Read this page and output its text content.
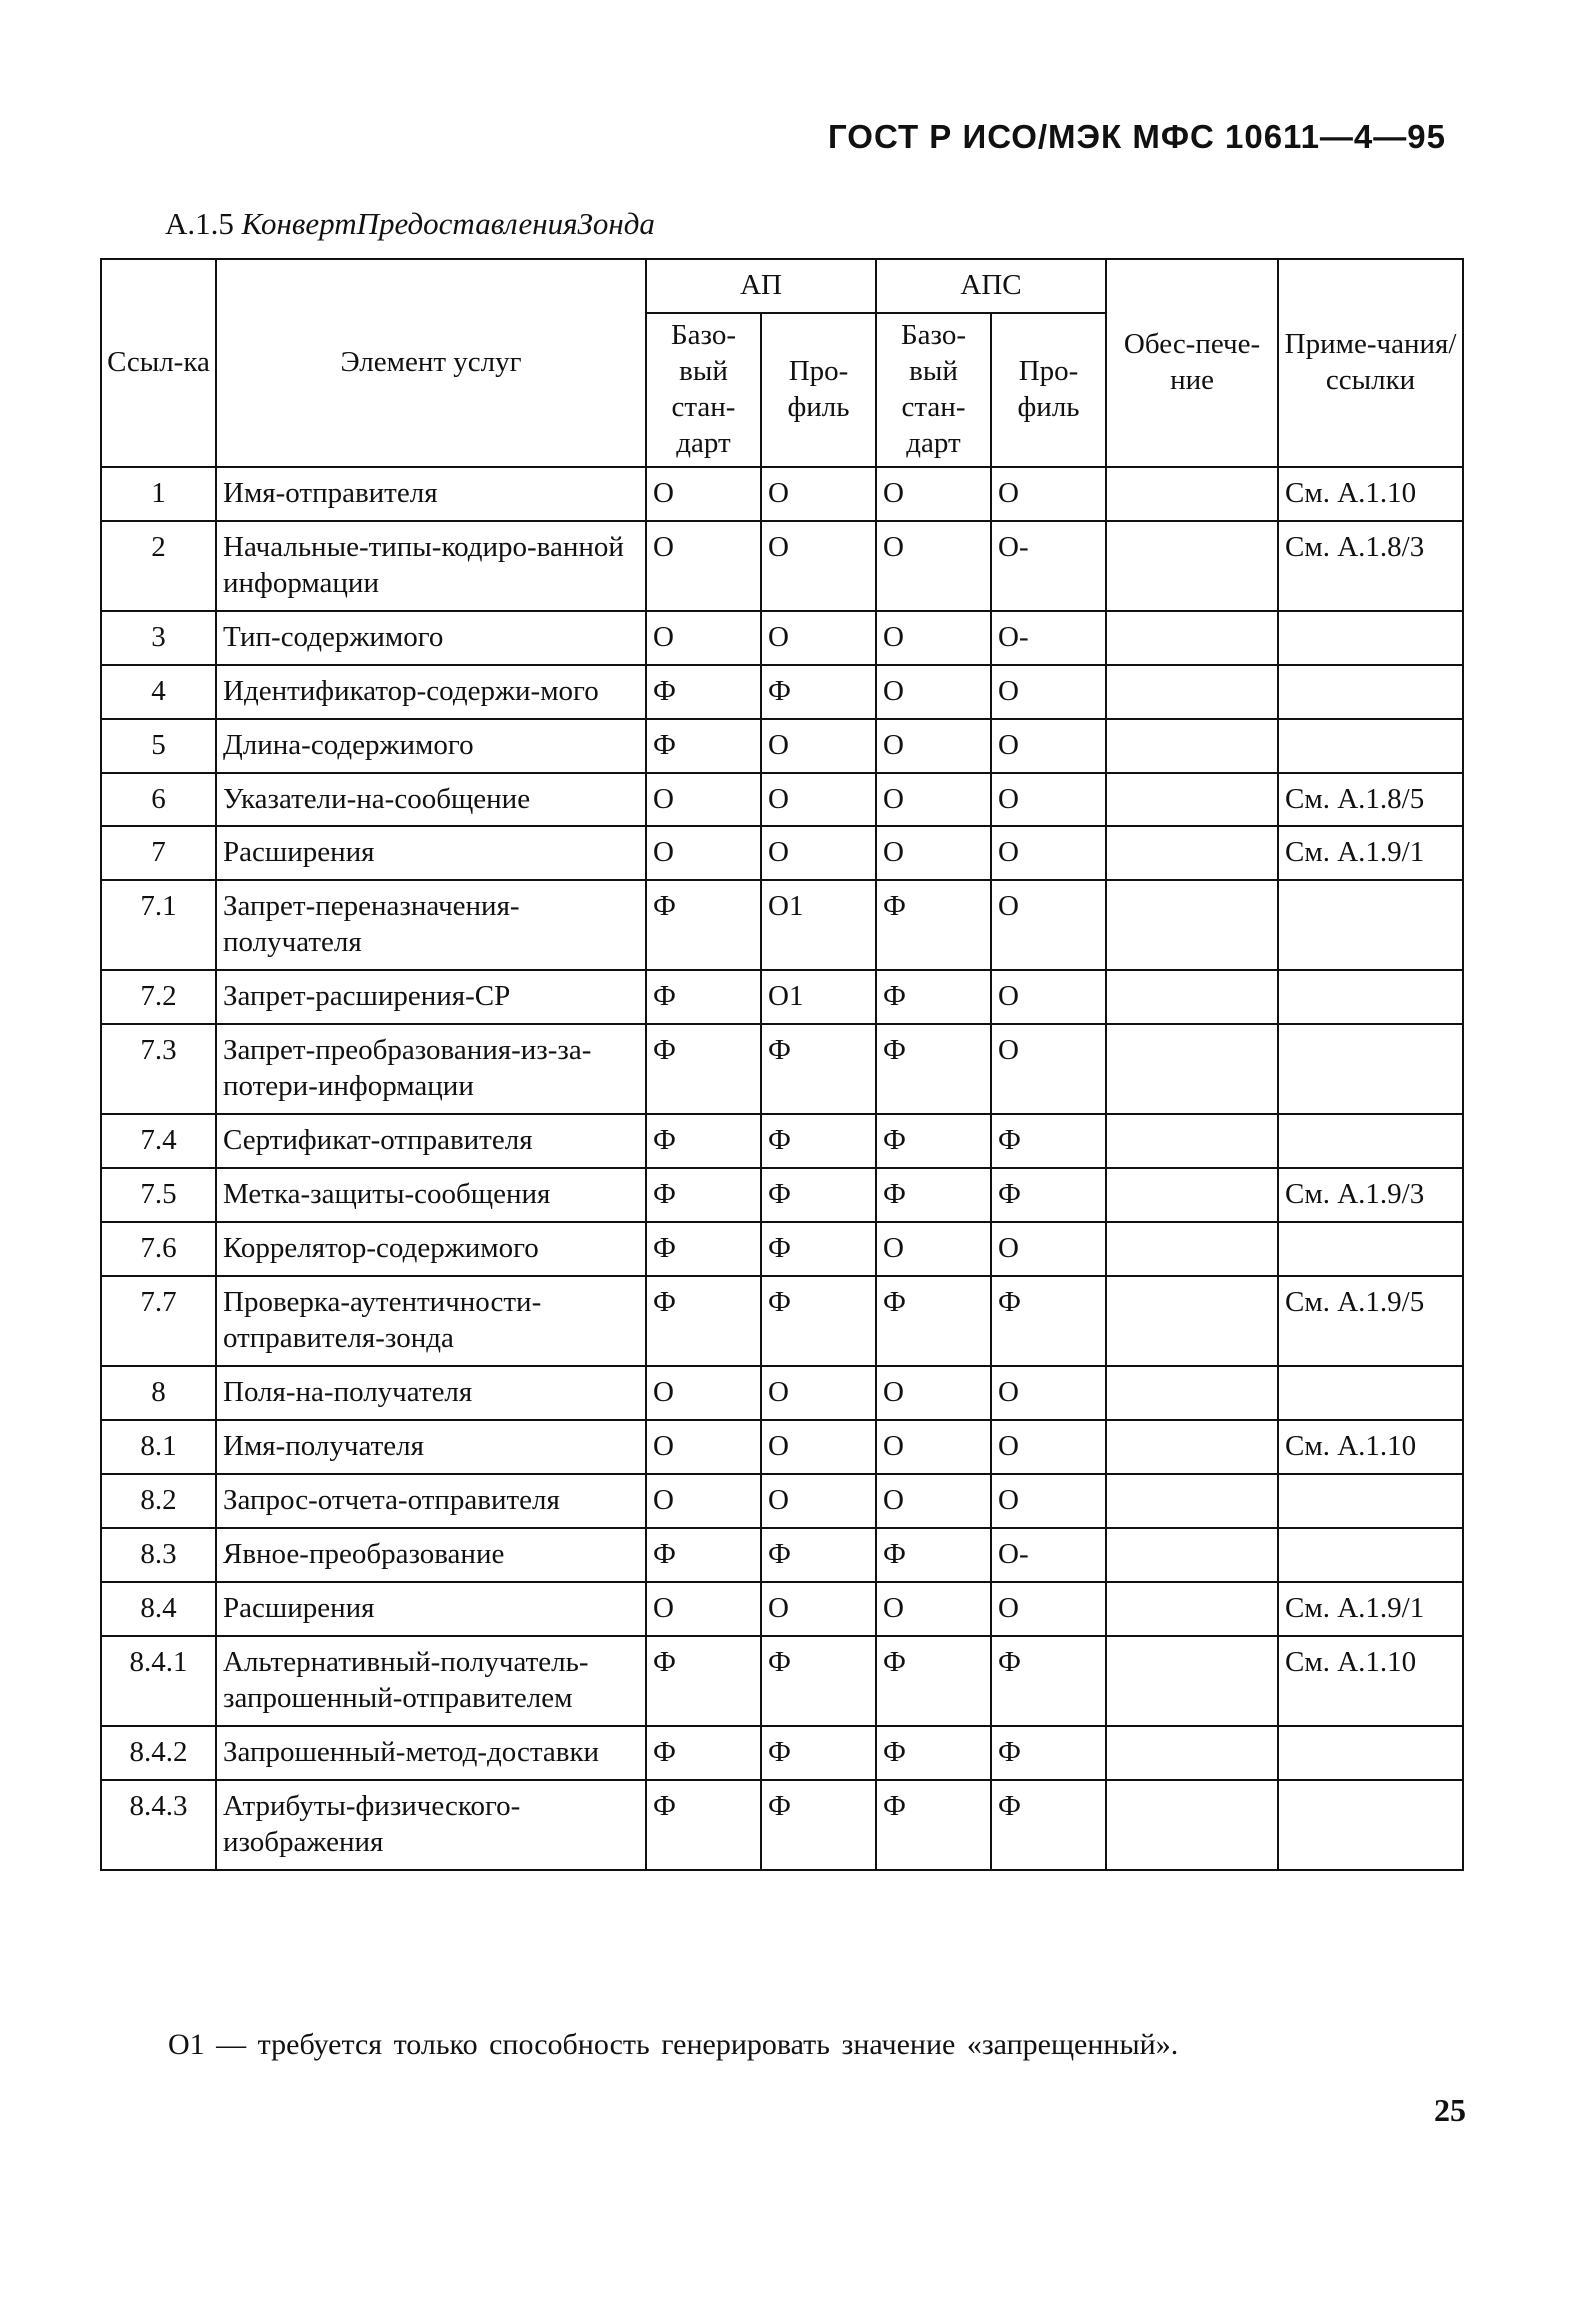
ГОСТ Р ИСО/МЭК МФС 10611—4—95
А.1.5 КонвертПредоставленияЗонда
Ссыл-ка	Элемент услуг	АП		АПС		Обес-пече-ние	Приме-чания/ ссылки
		Базо-вый стан-дарт	Про-филь	Базо-вый стан-дарт	Про-филь		
1	Имя-отправителя	О	О	О	О		См. А.1.10
2	Начальные-типы-кодиро-ванной информации	О	О	О	О-		См. А.1.8/3
3	Тип-содержимого	О	О	О	О-		
4	Идентификатор-содержи-мого	Ф	Ф	О	О		
5	Длина-содержимого	Ф	О	О	О		
6	Указатели-на-сообщение	О	О	О	О		См. А.1.8/5
7	Расширения	О	О	О	О		См. А.1.9/1
7.1	Запрет-переназначения-получателя	Ф	О1	Ф	О		
7.2	Запрет-расширения-СР	Ф	О1	Ф	О		
7.3	Запрет-преобразования-из-за-потери-информации	Ф	Ф	Ф	О		
7.4	Сертификат-отправителя	Ф	Ф	Ф	Ф		
7.5	Метка-защиты-сообщения	Ф	Ф	Ф	Ф		См. А.1.9/3
7.6	Коррелятор-содержимого	Ф	Ф	О	О		
7.7	Проверка-аутентичности-отправителя-зонда	Ф	Ф	Ф	Ф		См. А.1.9/5
8	Поля-на-получателя	О	О	О	О		
8.1	Имя-получателя	О	О	О	О		См. А.1.10
8.2	Запрос-отчета-отправителя	О	О	О	О		
8.3	Явное-преобразование	Ф	Ф	Ф	О-		
8.4	Расширения	О	О	О	О		См. А.1.9/1
8.4.1	Альтернативный-получатель-запрошенный-отправителем	Ф	Ф	Ф	Ф		См. А.1.10
8.4.2	Запрошенный-метод-доставки	Ф	Ф	Ф	Ф		
8.4.3	Атрибуты-физического-изображения	Ф	Ф	Ф	Ф		
О1 — требуется только способность генерировать значение «запрещенный».
25
